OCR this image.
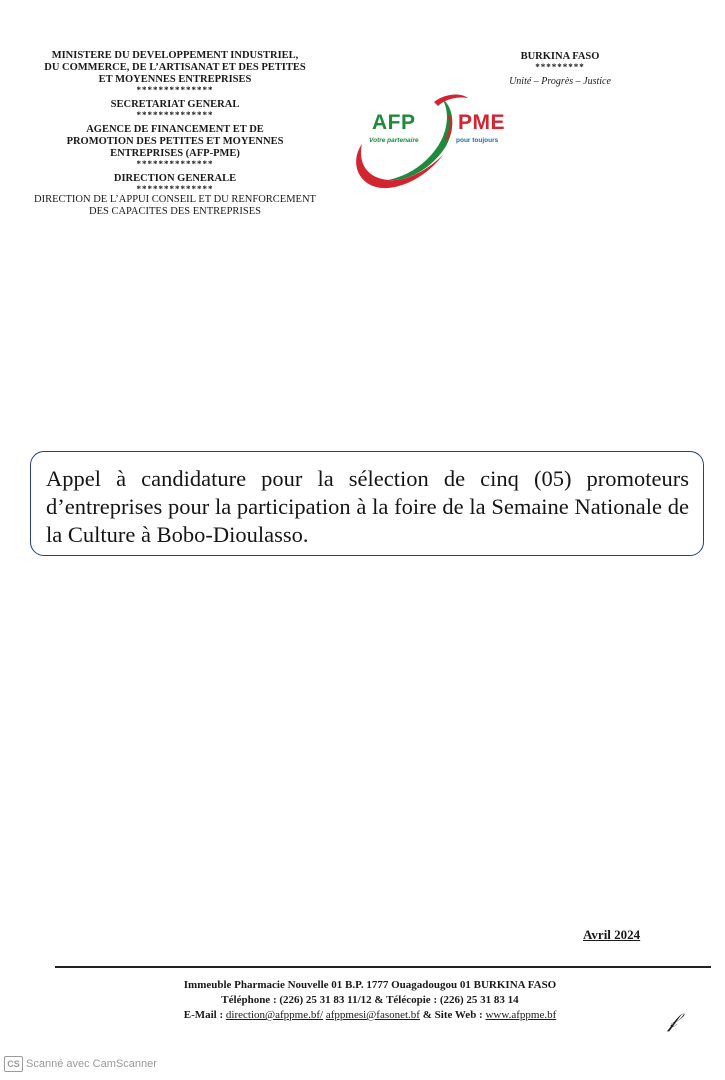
MINISTERE DU DEVELOPPEMENT INDUSTRIEL,
DU COMMERCE, DE L’ARTISANAT ET DES PETITES
ET MOYENNES ENTREPRISES
**************
SECRETARIAT GENERAL
**************
AGENCE DE FINANCEMENT ET DE
PROMOTION DES PETITES ET MOYENNES
ENTREPRISES (AFP-PME)
**************
DIRECTION GENERALE
**************
DIRECTION DE L’APPUI CONSEIL ET DU RENFORCEMENT
DES CAPACITES DES ENTREPRISES
BURKINA FASO
*********
Unité – Progrès – Justice
AFP PME
Votre partenaire	pour toujours
Appel à candidature pour la sélection de cinq (05) promoteurs d’entreprises pour la participation à la foire de la Semaine Nationale de la Culture à Bobo-Dioulasso.
Avril 2024
Immeuble Pharmacie Nouvelle 01 B.P. 1777 Ouagadougou 01 BURKINA FASO
Téléphone : (226) 25 31 83 11/12 & Télécopie : (226) 25 31 83 14
E-Mail : direction@afppme.bf/ afppmesi@fasonet.bf & Site Web : www.afppme.bf	𝒻
CS Scanné avec CamScanner
